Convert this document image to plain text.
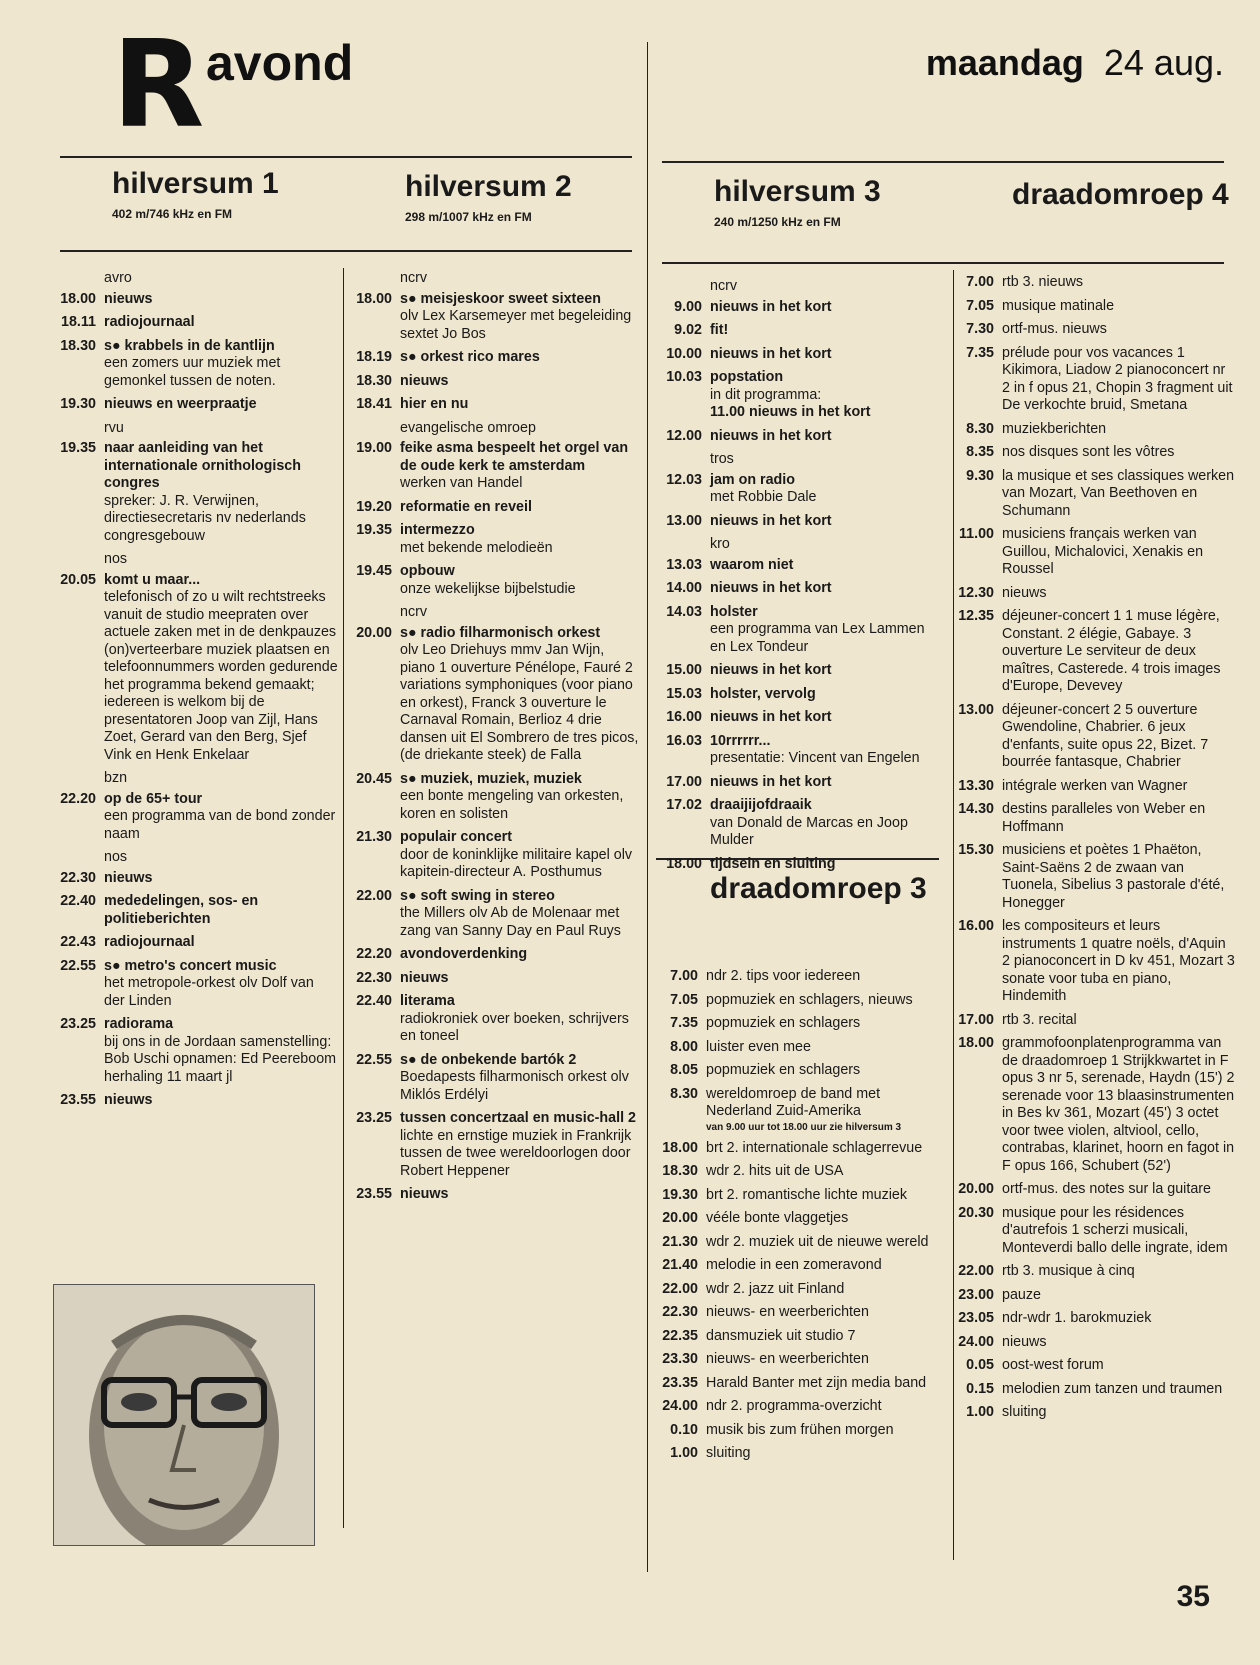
R avond	maandag 24 aug.
hilversum 1
402 m/746 kHz en FM
hilversum 2
298 m/1007 kHz en FM
hilversum 3
240 m/1250 kHz en FM
draadomroep 4
avro
18.00 nieuws
18.11 radiojournaal
18.30 s● krabbels in de kantlijn
een zomers uur muziek met gemonkel tussen de noten.
19.30 nieuws en weerpraatje
rvu
19.35 naar aanleiding van het internationale ornithologisch congres
spreker: J. R. Verwijnen, directiesecretaris nv nederlands congresgebouw
nos
20.05 komt u maar...
telefonisch of zo u wilt rechtstreeks vanuit de studio meepraten over actuele zaken met in de denkpauzes (on)verteerbare muziek plaatsen en telefoonnummers worden gedurende het programma bekend gemaakt; iedereen is welkom bij de presentatoren Joop van Zijl, Hans Zoet, Gerard van den Berg, Sjef Vink en Henk Enkelaar
bzn
22.20 op de 65+ tour
een programma van de bond zonder naam
nos
22.30 nieuws
22.40 mededelingen, sos- en politieberichten
22.43 radiojournaal
22.55 s● metro's concert music
het metropole-orkest olv Dolf van der Linden
23.25 radiorama
bij ons in de Jordaan samenstelling: Bob Uschi opnamen: Ed Peereboom herhaling 11 maart jl
23.55 nieuws
ncrv
18.00 s● meisjeskoor sweet sixteen
olv Lex Karsemeyer met begeleiding sextet Jo Bos
18.19 s● orkest rico mares
18.30 nieuws
18.41 hier en nu
evangelische omroep
19.00 feike asma bespeelt het orgel van de oude kerk te amsterdam
werken van Handel
19.20 reformatie en reveil
19.35 intermezzo
met bekende melodieën
19.45 opbouw
onze wekelijkse bijbelstudie
ncrv
20.00 s● radio filharmonisch orkest
olv Leo Driehuys mmv Jan Wijn, piano 1 ouverture Pénélope, Fauré 2 variations symphoniques (voor piano en orkest), Franck 3 ouverture le Carnaval Romain, Berlioz 4 drie dansen uit El Sombrero de tres picos, (de driekante steek) de Falla
20.45 s● muziek, muziek, muziek
een bonte mengeling van orkesten, koren en solisten
21.30 populair concert
door de koninklijke militaire kapel olv kapitein-directeur A. Posthumus
22.00 s● soft swing in stereo
the Millers olv Ab de Molenaar met zang van Sanny Day en Paul Ruys
22.20 avondoverdenking
22.30 nieuws
22.40 literama
radiokroniek over boeken, schrijvers en toneel
22.55 s● de onbekende bartók 2
Boedapests filharmonisch orkest olv Miklós Erdélyi
23.25 tussen concertzaal en music-hall 2
lichte en ernstige muziek in Frankrijk tussen de twee wereldoorlogen door Robert Heppener
23.55 nieuws
ncrv
9.00 nieuws in het kort
9.02 fit!
10.00 nieuws in het kort
10.03 popstation
in dit programma:
11.00 nieuws in het kort
12.00 nieuws in het kort
tros
12.03 jam on radio
met Robbie Dale
13.00 nieuws in het kort
kro
13.03 waarom niet
14.00 nieuws in het kort
14.03 holster
een programma van Lex Lammen en Lex Tondeur
15.00 nieuws in het kort
15.03 holster, vervolg
16.00 nieuws in het kort
16.03 10rrrrrr...
presentatie: Vincent van Engelen
17.00 nieuws in het kort
17.02 draaijijofdraaik
van Donald de Marcas en Joop Mulder
18.00 tijdsein en sluiting
draadomroep 3
7.00 ndr 2. tips voor iedereen
7.05 popmuziek en schlagers, nieuws
7.35 popmuziek en schlagers
8.00 luister even mee
8.05 popmuziek en schlagers
8.30 wereldomroep de band met Nederland Zuid-Amerika
van 9.00 uur tot 18.00 uur zie hilversum 3
18.00 brt 2. internationale schlagerrevue
18.30 wdr 2. hits uit de USA
19.30 brt 2. romantische lichte muziek
20.00 vééle bonte vlaggetjes
21.30 wdr 2. muziek uit de nieuwe wereld
21.40 melodie in een zomeravond
22.00 wdr 2. jazz uit Finland
22.30 nieuws- en weerberichten
22.35 dansmuziek uit studio 7
23.30 nieuws- en weerberichten
23.35 Harald Banter met zijn media band
24.00 ndr 2. programma-overzicht
0.10 musik bis zum frühen morgen
1.00 sluiting
7.00 rtb 3. nieuws
7.05 musique matinale
7.30 ortf-mus. nieuws
7.35 prélude pour vos vacances 1 Kikimora, Liadow 2 pianoconcert nr 2 in f opus 21, Chopin 3 fragment uit De verkochte bruid, Smetana
8.30 muziekberichten
8.35 nos disques sont les vôtres
9.30 la musique et ses classiques werken van Mozart, Van Beethoven en Schumann
11.00 musiciens français werken van Guillou, Michalovici, Xenakis en Roussel
12.30 nieuws
12.35 déjeuner-concert 1 1 muse légère, Constant. 2 élégie, Gabaye. 3 ouverture Le serviteur de deux maîtres, Casterede. 4 trois images d'Europe, Devevey
13.00 déjeuner-concert 2 5 ouverture Gwendoline, Chabrier. 6 jeux d'enfants, suite opus 22, Bizet. 7 bourrée fantasque, Chabrier
13.30 intégrale werken van Wagner
14.30 destins paralleles von Weber en Hoffmann
15.30 musiciens et poètes 1 Phaëton, Saint-Saëns 2 de zwaan van Tuonela, Sibelius 3 pastorale d'été, Honegger
16.00 les compositeurs et leurs instruments 1 quatre noëls, d'Aquin 2 pianoconcert in D kv 451, Mozart 3 sonate voor tuba en piano, Hindemith
17.00 rtb 3. recital
18.00 grammofoonplatenprogramma van de draadomroep 1 Strijkkwartet in F opus 3 nr 5, serenade, Haydn (15') 2 serenade voor 13 blaasinstrumenten in Bes kv 361, Mozart (45') 3 octet voor twee violen, altviool, cello, contrabas, klarinet, hoorn en fagot in F opus 166, Schubert (52')
20.00 ortf-mus. des notes sur la guitare
20.30 musique pour les résidences d'autrefois 1 scherzi musicali, Monteverdi ballo delle ingrate, idem
22.00 rtb 3. musique à cinq
23.00 pauze
23.05 ndr-wdr 1. barokmuziek
24.00 nieuws
0.05 oost-west forum
0.15 melodien zum tanzen und traumen
1.00 sluiting
35
